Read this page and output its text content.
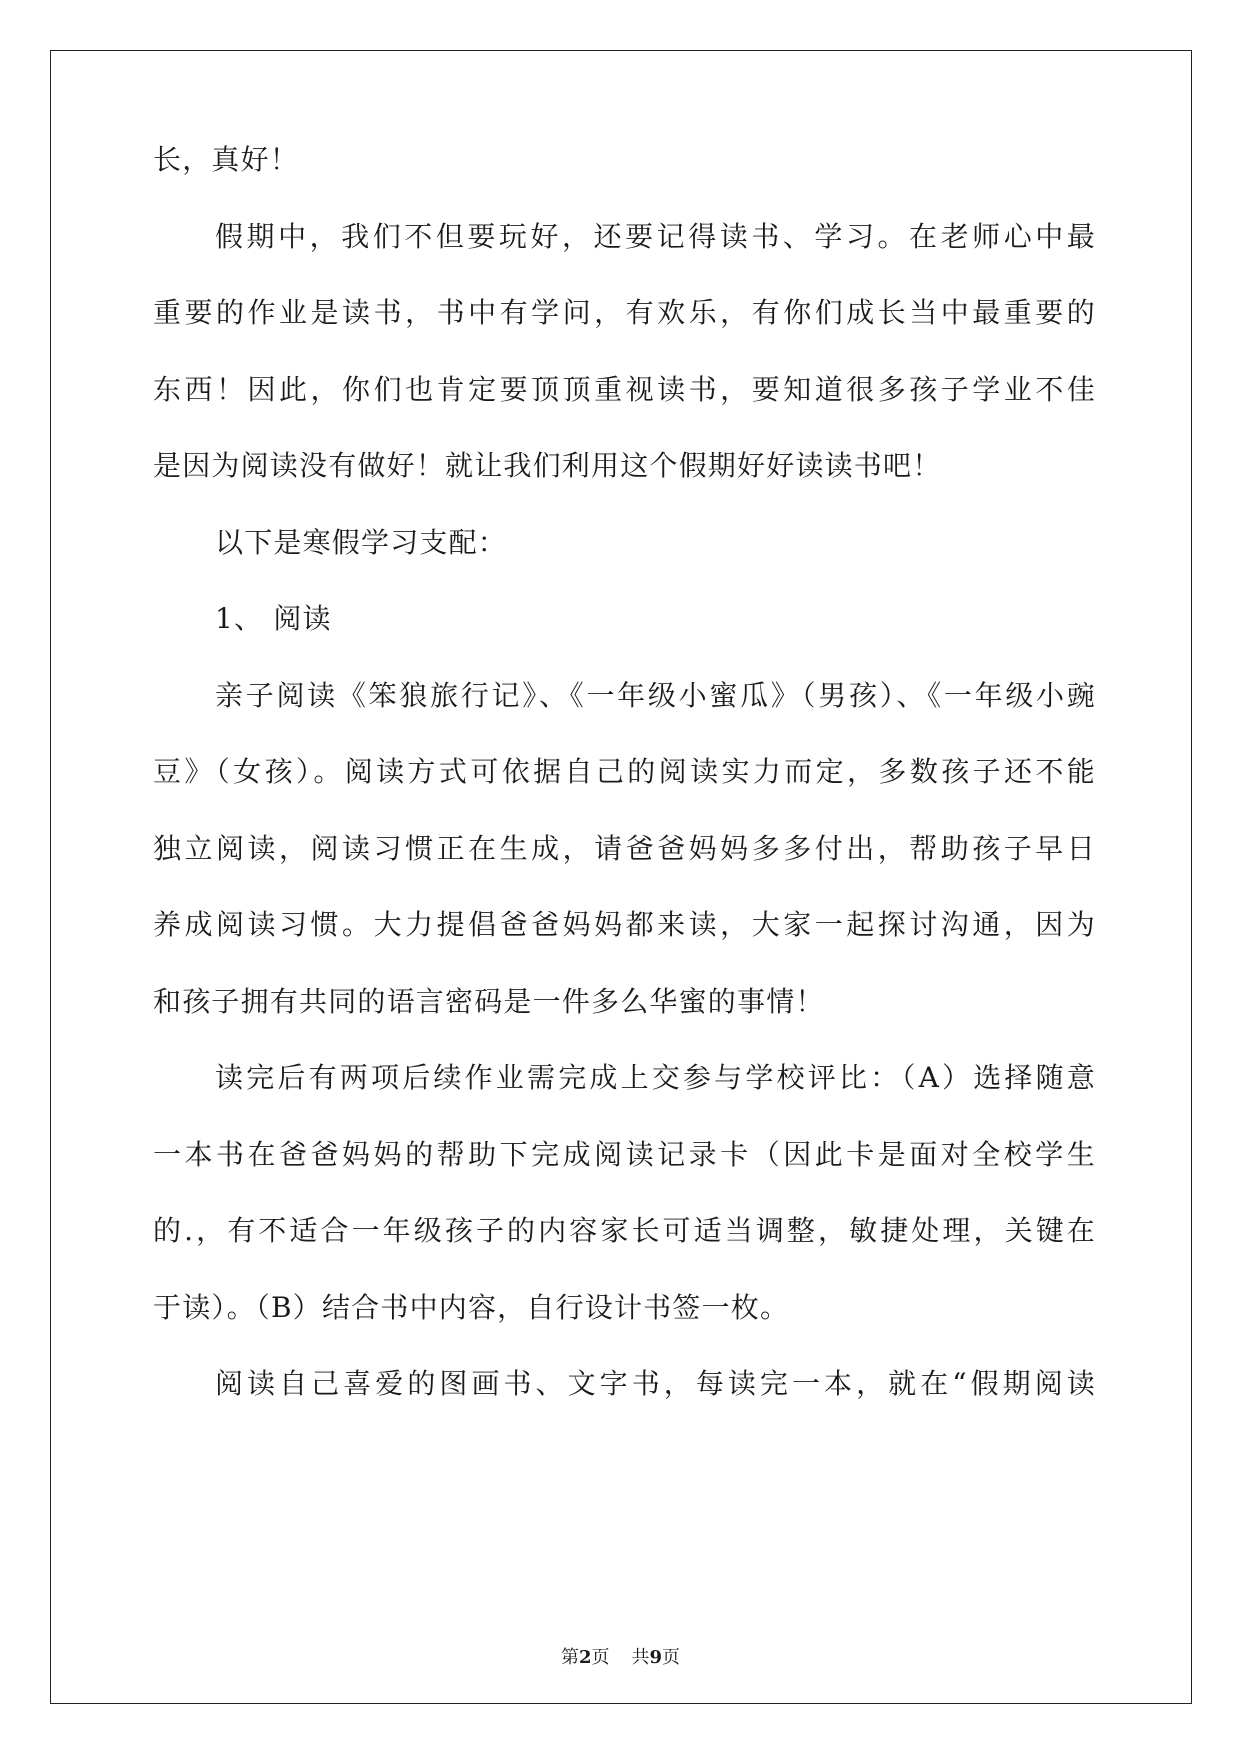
长，真好！
假期中，我们不但要玩好，还要记得读书、学习。在老师心中最
重要的作业是读书，书中有学问，有欢乐，有你们成长当中最重要的
东西！因此，你们也肯定要顶顶重视读书，要知道很多孩子学业不佳
是因为阅读没有做好！就让我们利用这个假期好好读读书吧！
以下是寒假学习支配：
1、 阅读
亲子阅读《笨狼旅行记》、《一年级小蜜瓜》（男孩）、《一年级小豌
豆》（女孩）。阅读方式可依据自己的阅读实力而定，多数孩子还不能
独立阅读，阅读习惯正在生成，请爸爸妈妈多多付出，帮助孩子早日
养成阅读习惯。大力提倡爸爸妈妈都来读，大家一起探讨沟通，因为
和孩子拥有共同的语言密码是一件多么华蜜的事情！
读完后有两项后续作业需完成上交参与学校评比：（A）选择随意
一本书在爸爸妈妈的帮助下完成阅读记录卡（因此卡是面对全校学生
的.，有不适合一年级孩子的内容家长可适当调整，敏捷处理，关键在
于读）。（B）结合书中内容，自行设计书签一枚。
阅读自己喜爱的图画书、文字书，每读完一本，就在“假期阅读
第2页 共9页
